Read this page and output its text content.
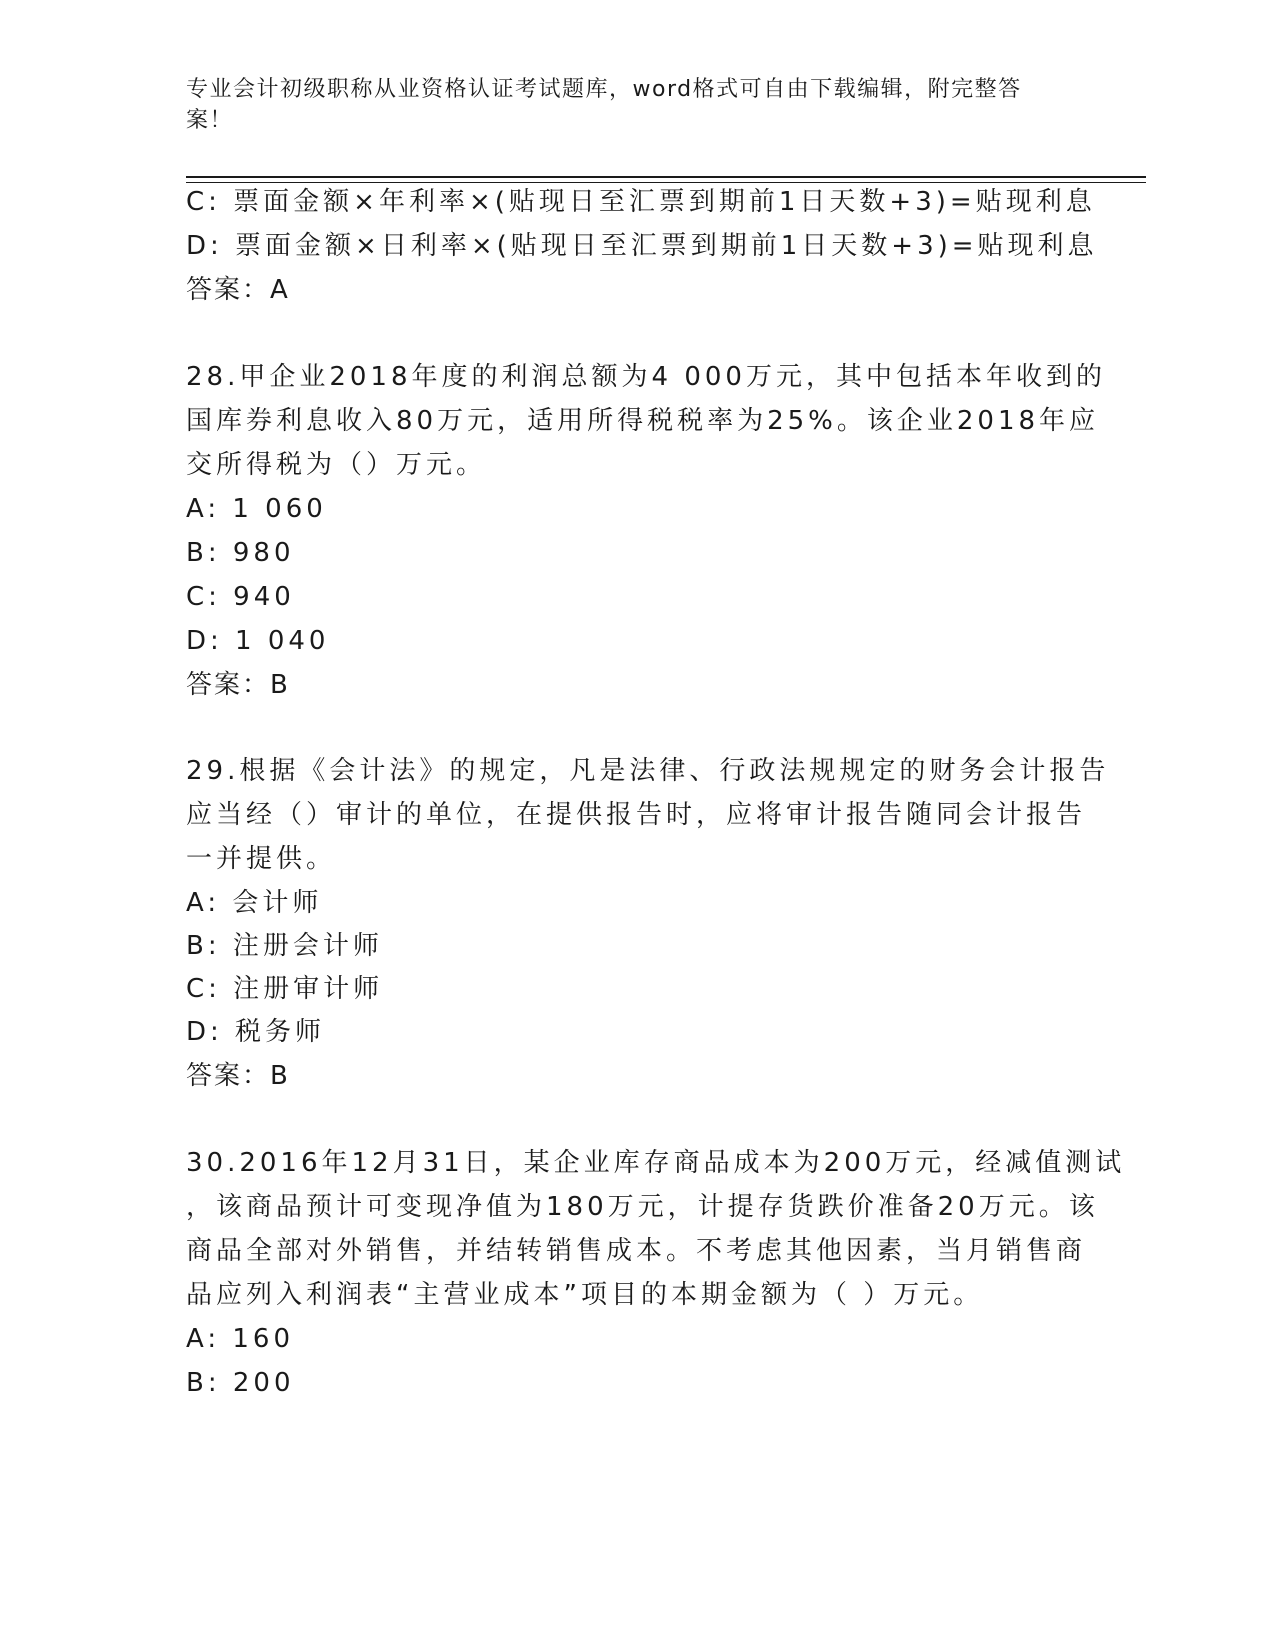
专业会计初级职称从业资格认证考试题库，word格式可自由下载编辑，附完整答案！
C: 票面金额×年利率×(贴现日至汇票到期前1日天数+3)=贴现利息
D: 票面金额×日利率×(贴现日至汇票到期前1日天数+3)=贴现利息
答案：A
28.甲企业2018年度的利润总额为4 000万元，其中包括本年收到的
国库券利息收入80万元，适用所得税税率为25%。该企业2018年应
交所得税为（）万元。
A: 1 060
B: 980
C: 940
D: 1 040
答案：B
29.根据《会计法》的规定，凡是法律、行政法规规定的财务会计报告
应当经（）审计的单位，在提供报告时，应将审计报告随同会计报告
一并提供。
A: 会计师
B: 注册会计师
C: 注册审计师
D: 税务师
答案：B
30.2016年12月31日，某企业库存商品成本为200万元，经减值测试
，该商品预计可变现净值为180万元，计提存货跌价准备20万元。该
商品全部对外销售，并结转销售成本。不考虑其他因素，当月销售商
品应列入利润表“主营业成本”项目的本期金额为（ ）万元。
A: 160
B: 200
